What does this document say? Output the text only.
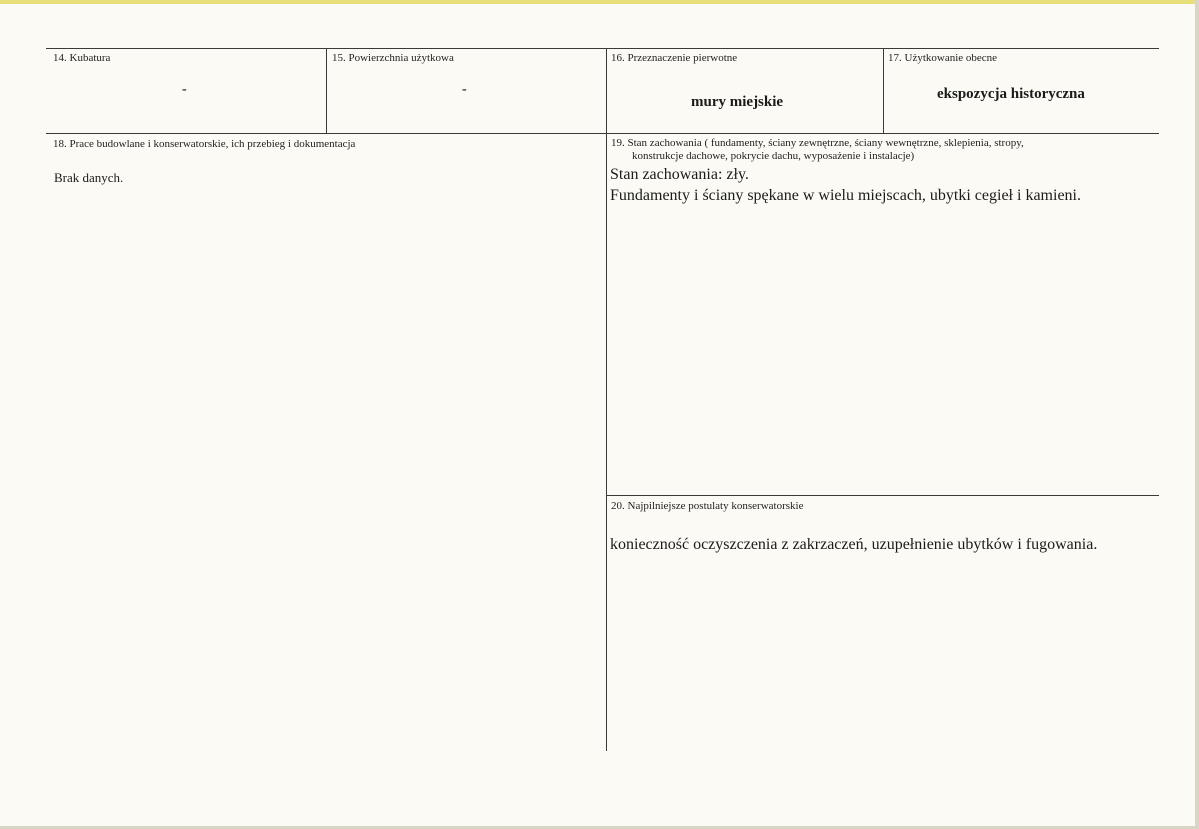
14. Kubatura
-
15. Powierzchnia użytkowa
-
16. Przeznaczenie pierwotne
mury miejskie
17. Użytkowanie obecne
ekspozycja historyczna
18. Prace budowlane i konserwatorskie, ich przebieg i dokumentacja
Brak danych.
19. Stan zachowania ( fundamenty, ściany zewnętrzne, ściany wewnętrzne, sklepienia, stropy,
konstrukcje dachowe, pokrycie dachu, wyposażenie i instalacje)
Stan zachowania: zły.
Fundamenty i ściany spękane w wielu miejscach, ubytki cegieł i kamieni.
20. Najpilniejsze postulaty konserwatorskie
konieczność oczyszczenia z zakrzaczeń, uzupełnienie ubytków i fugowania.
